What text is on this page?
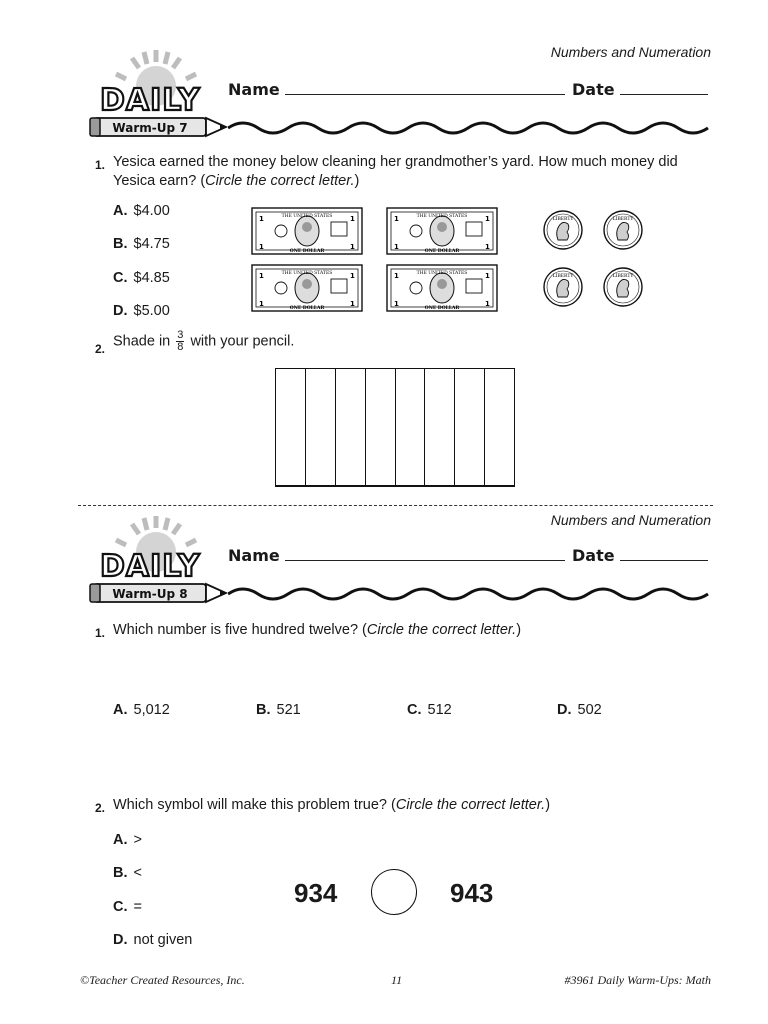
Numbers and Numeration
DAILY
Warm-Up 7
Name	Date
1. Yesica earned the money below cleaning her grandmother’s yard. How much money did Yesica earn? (Circle the correct letter.)
A. $4.00
B. $4.75
C. $4.85
D. $5.00
1	1
1	1
THE UNITED STATES
ONE DOLLAR
1	1
1	1
THE UNITED STATES
ONE DOLLAR
1	1
1	1
THE UNITED STATES
ONE DOLLAR
1	1
1	1
THE UNITED STATES
ONE DOLLAR
LIBERTY	LIBERTY
LIBERTY	LIBERTY
2. Shade in $\frac{3}{8}$ with your pencil.
Numbers and Numeration
DAILY
Warm-Up 8
Name	Date
1. Which number is five hundred twelve? (Circle the correct letter.)
A. 5,012	B. 521	C. 512	D. 502
2. Which symbol will make this problem true? (Circle the correct letter.)
A. >
B. <
C. =
D. not given
934	943
©Teacher Created Resources, Inc.	11	#3961 Daily Warm-Ups: Math
